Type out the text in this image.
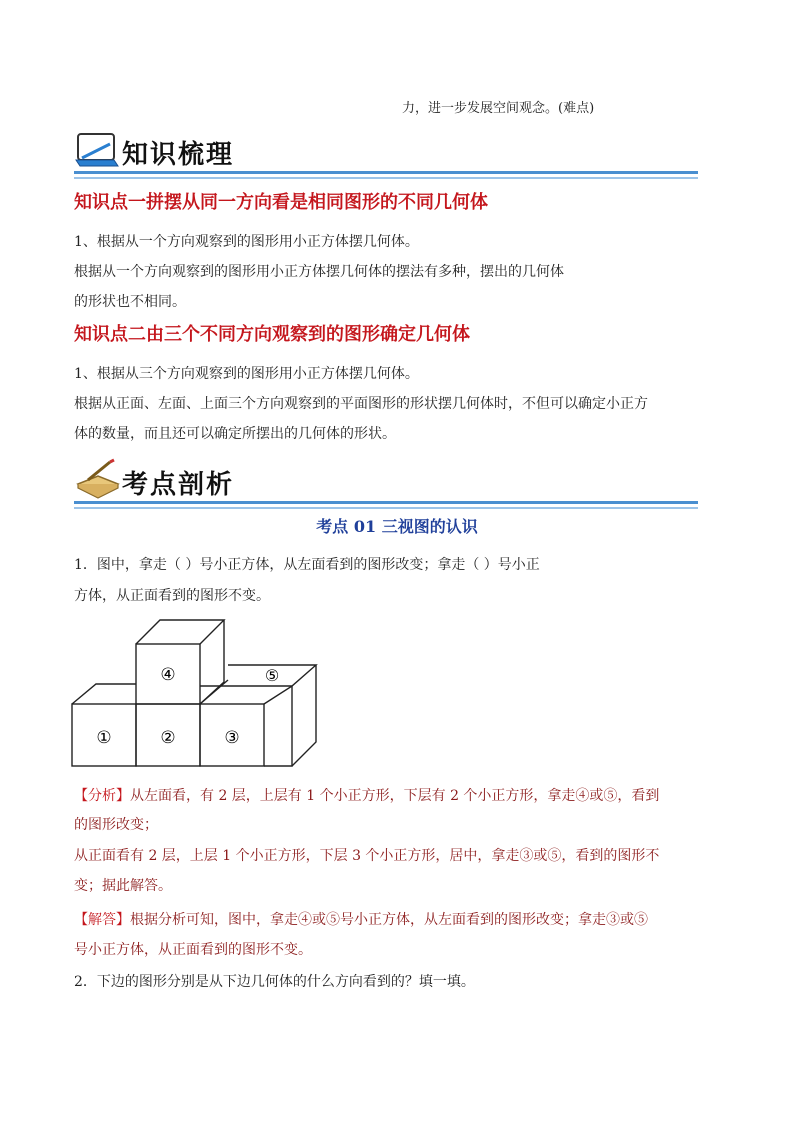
力，进一步发展空间观念。(难点)
知识梳理
知识点一拼摆从同一方向看是相同图形的不同几何体
1、根据从一个方向观察到的图形用小正方体摆几何体。
根据从一个方向观察到的图形用小正方体摆几何体的摆法有多种，摆出的几何体
的形状也不相同。
知识点二由三个不同方向观察到的图形确定几何体
1、根据从三个方向观察到的图形用小正方体摆几何体。
根据从正面、左面、上面三个方向观察到的平面图形的形状摆几何体时，不但可以确定小正方
体的数量，而且还可以确定所摆出的几何体的形状。
考点剖析
考点 01 三视图的认识
1．图中，拿走（ ）号小正方体，从左面看到的图形改变；拿走（ ）号小正
方体，从正面看到的图形不变。
④	⑤
①	②	③
【分析】从左面看，有 2 层，上层有 1 个小正方形，下层有 2 个小正方形，拿走④或⑤，看到
的图形改变；
从正面看有 2 层，上层 1 个小正方形，下层 3 个小正方形，居中，拿走③或⑤，看到的图形不
变；据此解答。
【解答】根据分析可知，图中，拿走④或⑤号小正方体，从左面看到的图形改变；拿走③或⑤
号小正方体，从正面看到的图形不变。
2．下边的图形分别是从下边几何体的什么方向看到的？填一填。
